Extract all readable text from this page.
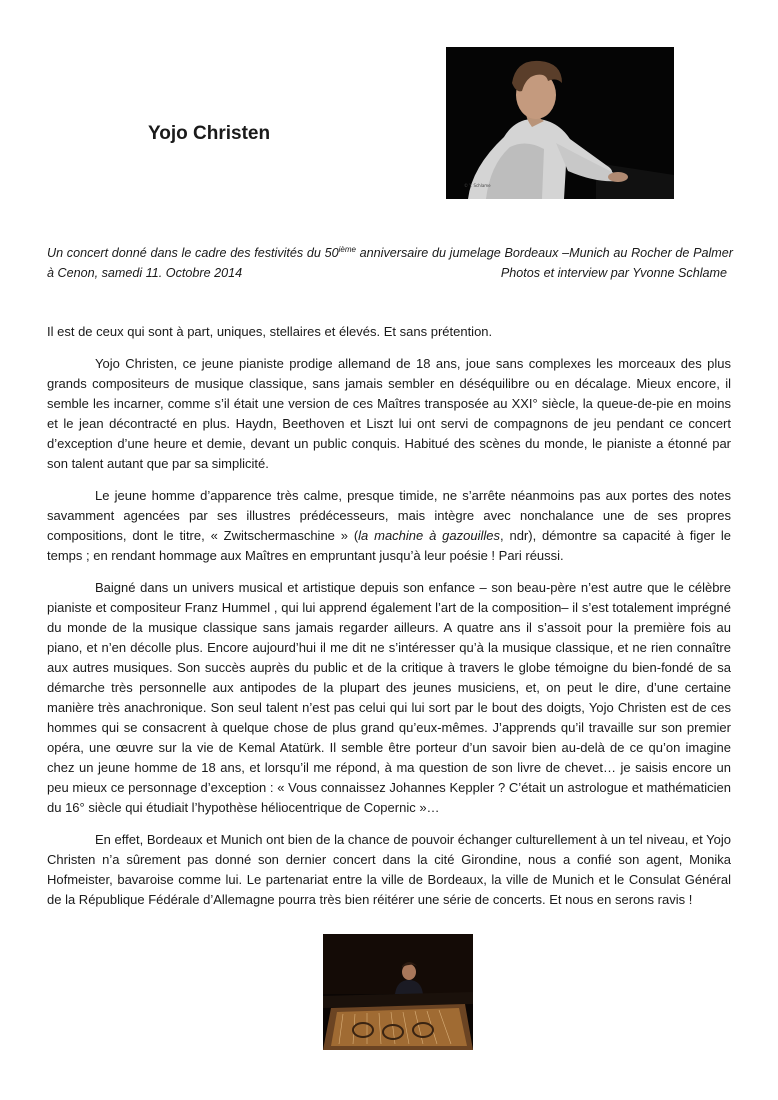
Yojo Christen
© Y. Schlame
Un concert donné dans le cadre des festivités du 50ième anniversaire du jumelage Bordeaux –Munich au Rocher de Palmer à Cenon, samedi 11. Octobre 2014	Photos et interview par Yvonne Schlame

Il est de ceux qui sont à part, uniques, stellaires et élevés. Et sans prétention.

Yojo Christen, ce jeune pianiste prodige allemand de 18 ans, joue sans complexes les morceaux des plus grands compositeurs de musique classique, sans jamais sembler en déséquilibre ou en décalage. Mieux encore, il semble les incarner, comme s’il était une version de ces Maîtres transposée au XXI° siècle, la queue-de-pie en moins et le jean décontracté en plus. Haydn, Beethoven et Liszt lui ont servi de compagnons de jeu pendant ce concert d’exception d’une heure et demie, devant un public conquis. Habitué des scènes du monde, le pianiste a étonné par son talent autant que par sa simplicité.

Le jeune homme d’apparence très calme, presque timide, ne s’arrête néanmoins pas aux portes des notes savamment agencées par ses illustres prédécesseurs, mais intègre avec nonchalance une de ses propres compositions, dont le titre, « Zwitschermaschine » (la machine à gazouilles, ndr), démontre sa capacité à figer le temps ; en rendant hommage aux Maîtres en empruntant jusqu’à leur poésie ! Pari réussi.

Baigné dans un univers musical et artistique depuis son enfance – son beau-père n’est autre que le célèbre pianiste et compositeur Franz Hummel , qui lui apprend également l’art de la composition– il s’est totalement imprégné du monde de la musique classique sans jamais regarder ailleurs. A quatre ans il s’assoit pour la première fois au piano, et n’en décolle plus. Encore aujourd’hui il me dit ne s’intéresser qu’à la musique classique, et ne rien connaître aux autres musiques. Son succès auprès du public et de la critique à travers le globe témoigne du bien-fondé de sa démarche très personnelle aux antipodes de la plupart des jeunes musiciens, et, on peut le dire, d’une certaine manière très anachronique. Son seul talent n’est pas celui qui lui sort par le bout des doigts, Yojo Christen est de ces hommes qui se consacrent à quelque chose de plus grand qu’eux-mêmes. J’apprends qu’il travaille sur son premier opéra, une œuvre sur la vie de Kemal Atatürk. Il semble être porteur d’un savoir bien au-delà de ce qu’on imagine chez un jeune homme de 18 ans, et lorsqu’il me répond, à ma question de son livre de chevet… je saisis encore un peu mieux ce personnage d’exception : « Vous connaissez Johannes Keppler ? C’était un astrologue et mathématicien du 16° siècle qui étudiait l’hypothèse héliocentrique de Copernic »…

En effet, Bordeaux et Munich ont bien de la chance de pouvoir échanger culturellement à un tel niveau, et Yojo Christen n’a sûrement pas donné son dernier concert dans la cité Girondine, nous a confié son agent, Monika Hofmeister, bavaroise comme lui. Le partenariat entre la ville de Bordeaux, la ville de Munich et le Consulat Général de la République Fédérale d’Allemagne pourra très bien réitérer une série de concerts. Et nous en serons ravis !
